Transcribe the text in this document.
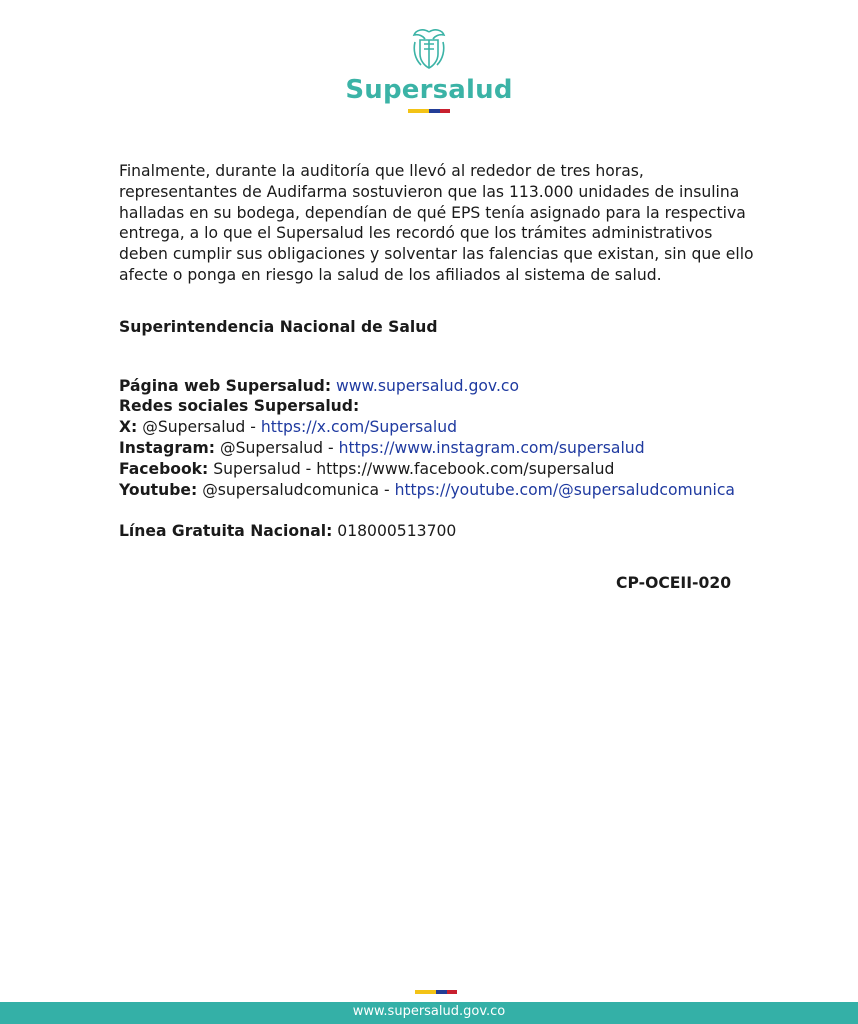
Supersalud

Finalmente, durante la auditoría que llevó al rededor de tres horas, representantes de Audifarma sostuvieron que las 113.000 unidades de insulina halladas en su bodega, dependían de qué EPS tenía asignado para la respectiva entrega, a lo que el Supersalud les recordó que los trámites administrativos deben cumplir sus obligaciones y solventar las falencias que existan, sin que ello afecte o ponga en riesgo la salud de los afiliados al sistema de salud.

Superintendencia Nacional de Salud

Página web Supersalud: www.supersalud.gov.co

Redes sociales Supersalud:

X: @Supersalud - https://x.com/Supersalud

Instagram: @Supersalud - https://www.instagram.com/supersalud

Facebook: Supersalud - https://www.facebook.com/supersalud

Youtube: @supersaludcomunica - https://youtube.com/@supersaludcomunica

Línea Gratuita Nacional: 018000513700

CP-OCEII-020
www.supersalud.gov.co
